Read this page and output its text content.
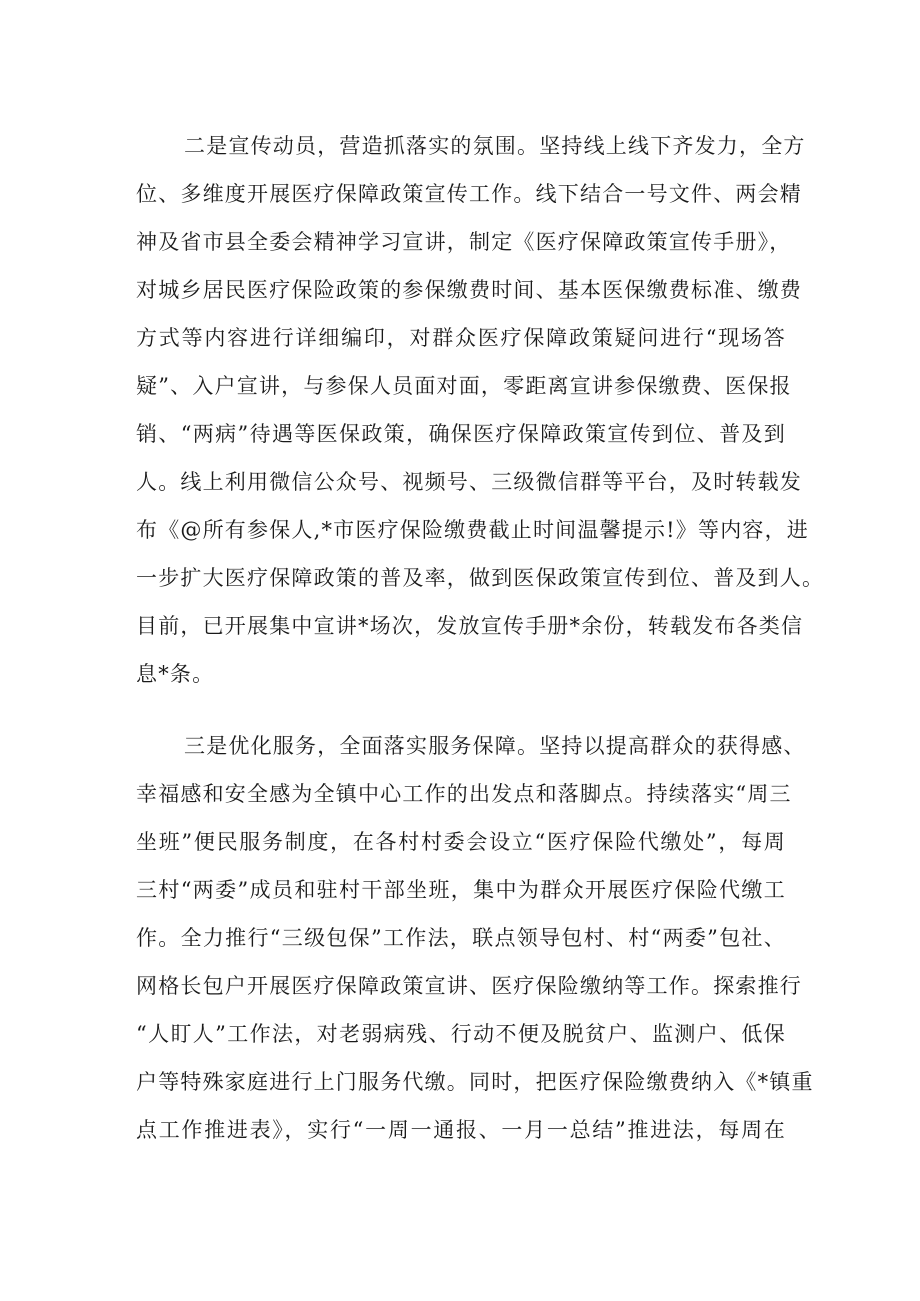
二是宣传动员，营造抓落实的氛围。坚持线上线下齐发力，全方
位、多维度开展医疗保障政策宣传工作。线下结合一号文件、两会精
神及省市县全委会精神学习宣讲，制定《医疗保障政策宣传手册》，
对城乡居民医疗保险政策的参保缴费时间、基本医保缴费标准、缴费
方式等内容进行详细编印，对群众医疗保障政策疑问进行“现场答
疑”、入户宣讲，与参保人员面对面，零距离宣讲参保缴费、医保报
销、“两病”待遇等医保政策，确保医疗保障政策宣传到位、普及到
人。线上利用微信公众号、视频号、三级微信群等平台，及时转载发
布《@所有参保人,*市医疗保险缴费截止时间温馨提示!》等内容，进
一步扩大医疗保障政策的普及率，做到医保政策宣传到位、普及到人。
目前，已开展集中宣讲*场次，发放宣传手册*余份，转载发布各类信
息*条。
三是优化服务，全面落实服务保障。坚持以提高群众的获得感、
幸福感和安全感为全镇中心工作的出发点和落脚点。持续落实“周三
坐班”便民服务制度，在各村村委会设立“医疗保险代缴处”，每周
三村“两委”成员和驻村干部坐班，集中为群众开展医疗保险代缴工
作。全力推行“三级包保”工作法，联点领导包村、村“两委”包社、
网格长包户开展医疗保障政策宣讲、医疗保险缴纳等工作。探索推行
“人盯人”工作法，对老弱病残、行动不便及脱贫户、监测户、低保
户等特殊家庭进行上门服务代缴。同时，把医疗保险缴费纳入《*镇重
点工作推进表》，实行“一周一通报、一月一总结”推进法，每周在
